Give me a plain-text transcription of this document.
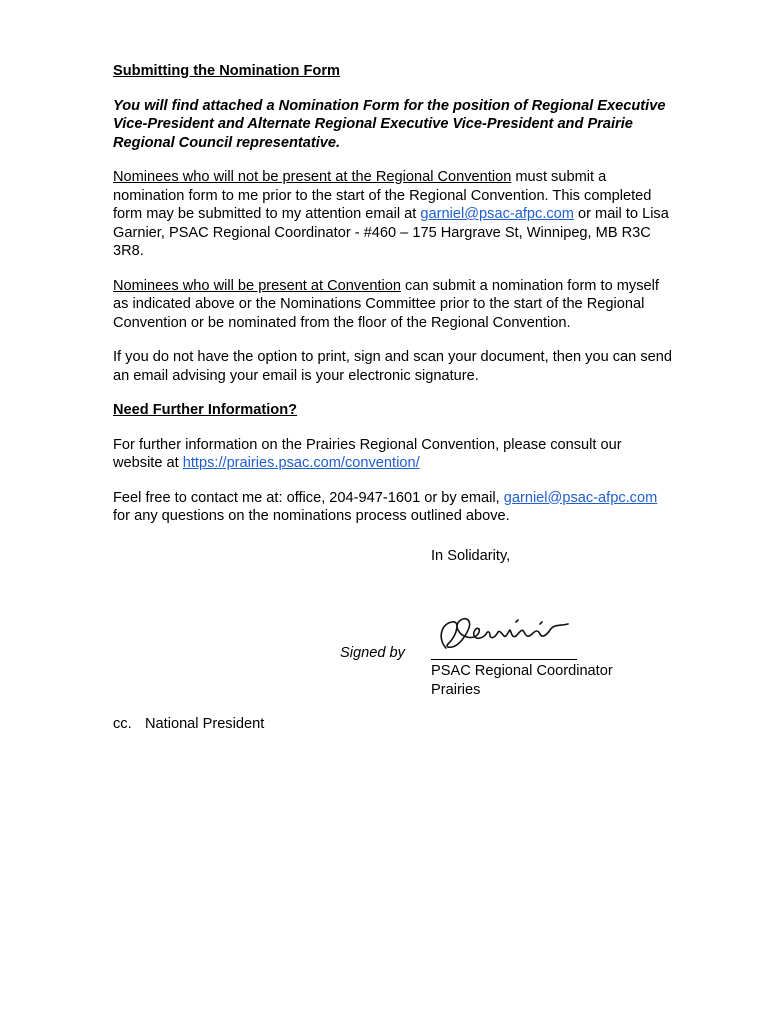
Submitting the Nomination Form
You will find attached a Nomination Form for the position of Regional Executive Vice-President and Alternate Regional Executive Vice-President and Prairie Regional Council representative.

Nominees who will not be present at the Regional Convention must submit a nomination form to me prior to the start of the Regional Convention. This completed form may be submitted to my attention email at garniel@psac-afpc.com or mail to Lisa Garnier, PSAC Regional Coordinator - #460 – 175 Hargrave St, Winnipeg, MB R3C 3R8.

Nominees who will be present at Convention can submit a nomination form to myself as indicated above or the Nominations Committee prior to the start of the Regional Convention or be nominated from the floor of the Regional Convention.

If you do not have the option to print, sign and scan your document, then you can send an email advising your email is your electronic signature.

Need Further Information?

For further information on the Prairies Regional Convention, please consult our website at https://prairies.psac.com/convention/

Feel free to contact me at: office, 204-947-1601 or by email, garniel@psac-afpc.com for any questions on the nominations process outlined above.

In Solidarity,
Signed by
PSAC Regional Coordinator
Prairies
cc. National President
